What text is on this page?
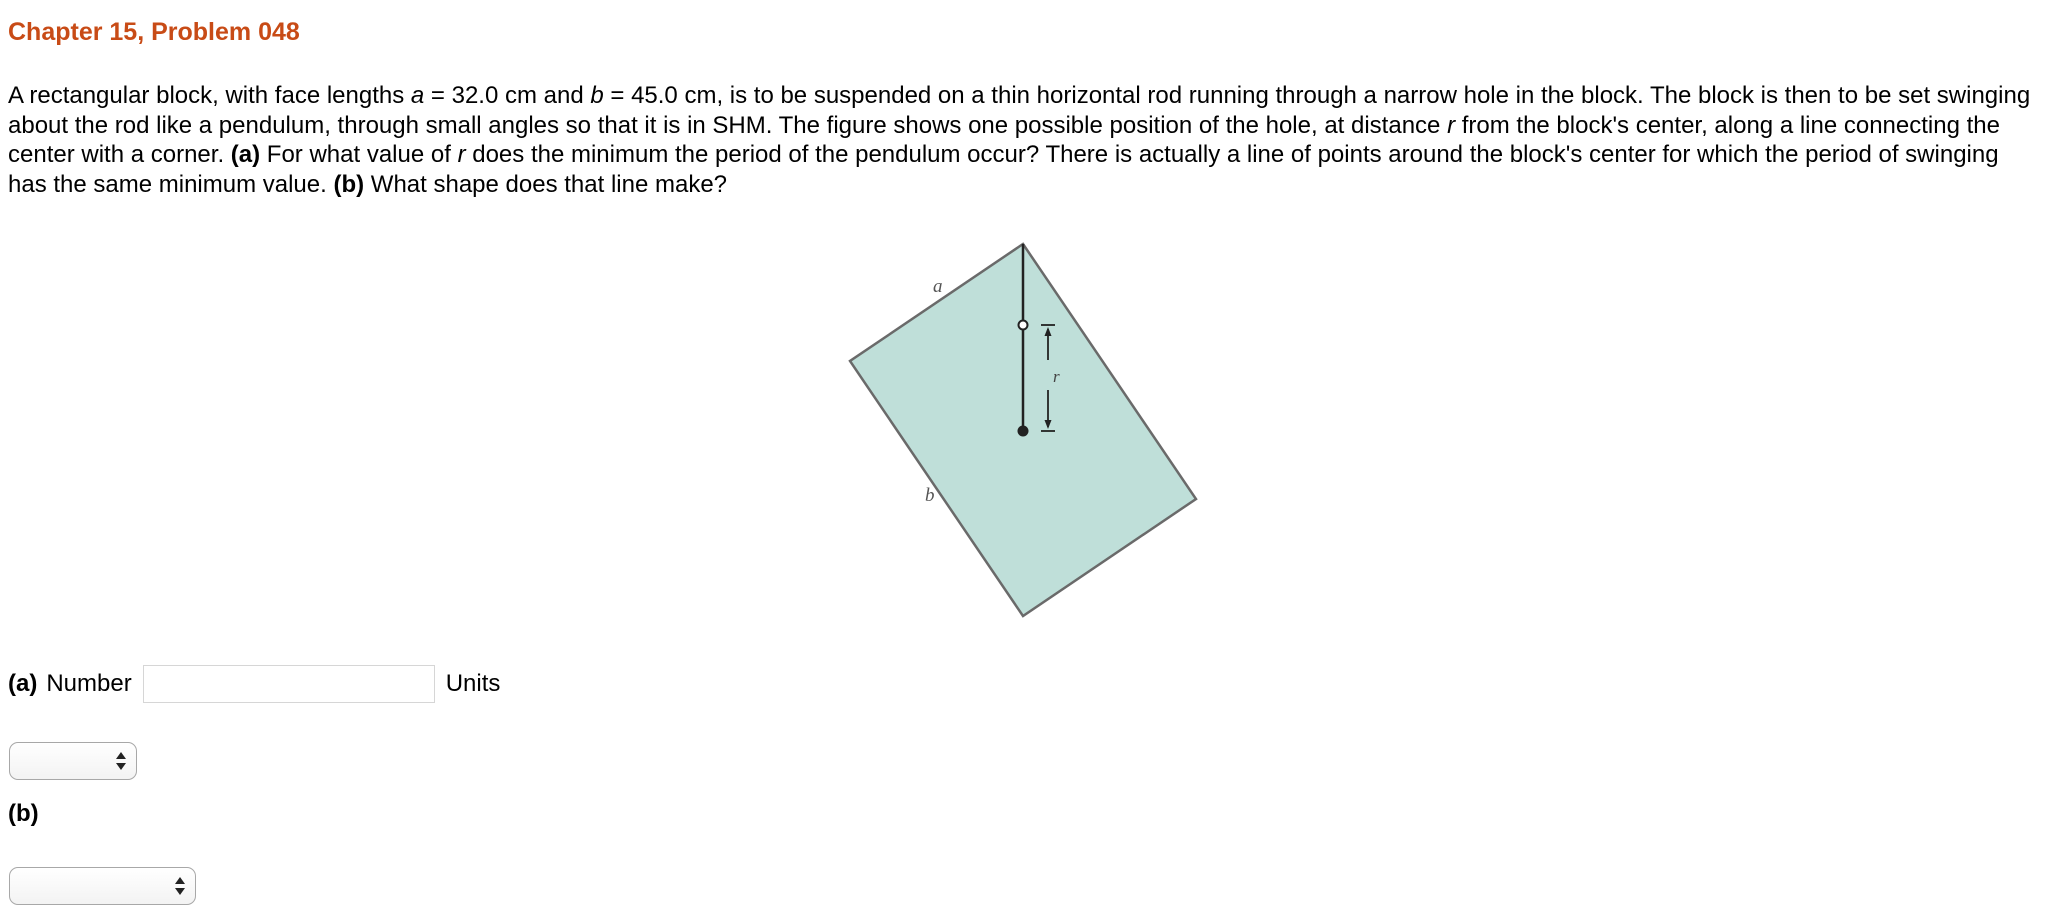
Chapter 15, Problem 048

A rectangular block, with face lengths a = 32.0 cm and b = 45.0 cm, is to be suspended on a thin horizontal rod running through a narrow hole in the block. The block is then to be set swinging about the rod like a pendulum, through small angles so that it is in SHM. The figure shows one possible position of the hole, at distance r from the block's center, along a line connecting the center with a corner. (a) For what value of r does the minimum the period of the pendulum occur? There is actually a line of points around the block's center for which the period of swinging has the same minimum value. (b) What shape does that line make?

r
a
b
(a) Number	Units
(b)
